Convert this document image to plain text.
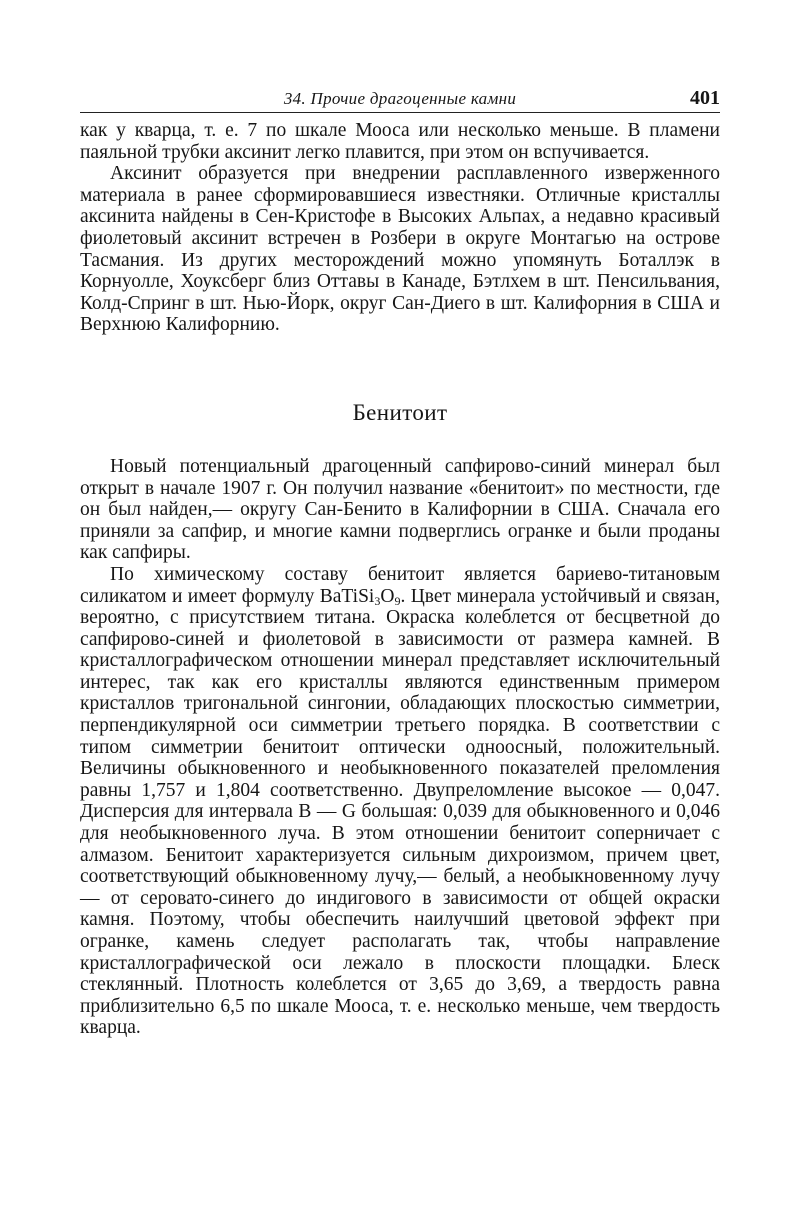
34. Прочие драгоценные камни	401

как у кварца, т. е. 7 по шкале Мооса или несколько меньше. В пламени паяльной трубки аксинит легко плавится, при этом он вспучивается.

Аксинит образуется при внедрении расплавленного изверженного материала в ранее сформировавшиеся известняки. Отличные кристаллы аксинита найдены в Сен-Кристофе в Высоких Альпах, а недавно красивый фиолетовый аксинит встречен в Розбери в округе Монтагью на острове Тасмания. Из других месторождений можно упомянуть Боталлэк в Корнуолле, Хоуксберг близ Оттавы в Канаде, Бэтлхем в шт. Пенсильвания, Колд-Спринг в шт. Нью-Йорк, округ Сан-Диего в шт. Калифорния в США и Верхнюю Калифорнию.

Бенитоит

Новый потенциальный драгоценный сапфирово-синий минерал был открыт в начале 1907 г. Он получил название «бенитоит» по местности, где он был найден,— округу Сан-Бенито в Калифорнии в США. Сначала его приняли за сапфир, и многие камни подверглись огранке и были проданы как сапфиры.

По химическому составу бенитоит является бариево-титановым силикатом и имеет формулу $BaTiSi_3O_9$. Цвет минерала устойчивый и связан, вероятно, с присутствием титана. Окраска колеблется от бесцветной до сапфирово-синей и фиолетовой в зависимости от размера камней. В кристаллографическом отношении минерал представляет исключительный интерес, так как его кристаллы являются единственным примером кристаллов тригональной сингонии, обладающих плоскостью симметрии, перпендикулярной оси симметрии третьего порядка. В соответствии с типом симметрии бенитоит оптически одноосный, положительный. Величины обыкновенного и необыкновенного показателей преломления равны 1,757 и 1,804 соответственно. Двупреломление высокое — 0,047. Дисперсия для интервала B — G большая: 0,039 для обыкновенного и 0,046 для необыкновенного луча. В этом отношении бенитоит соперничает с алмазом. Бенитоит характеризуется сильным дихроизмом, причем цвет, соответствующий обыкновенному лучу,— белый, а необыкновенному лучу — от серовато-синего до индигового в зависимости от общей окраски камня. Поэтому, чтобы обеспечить наилучший цветовой эффект при огранке, камень следует располагать так, чтобы направление кристаллографической оси лежало в плоскости площадки. Блеск стеклянный. Плотность колеблется от 3,65 до 3,69, а твердость равна приблизительно 6,5 по шкале Мооса, т. е. несколько меньше, чем твердость кварца.
